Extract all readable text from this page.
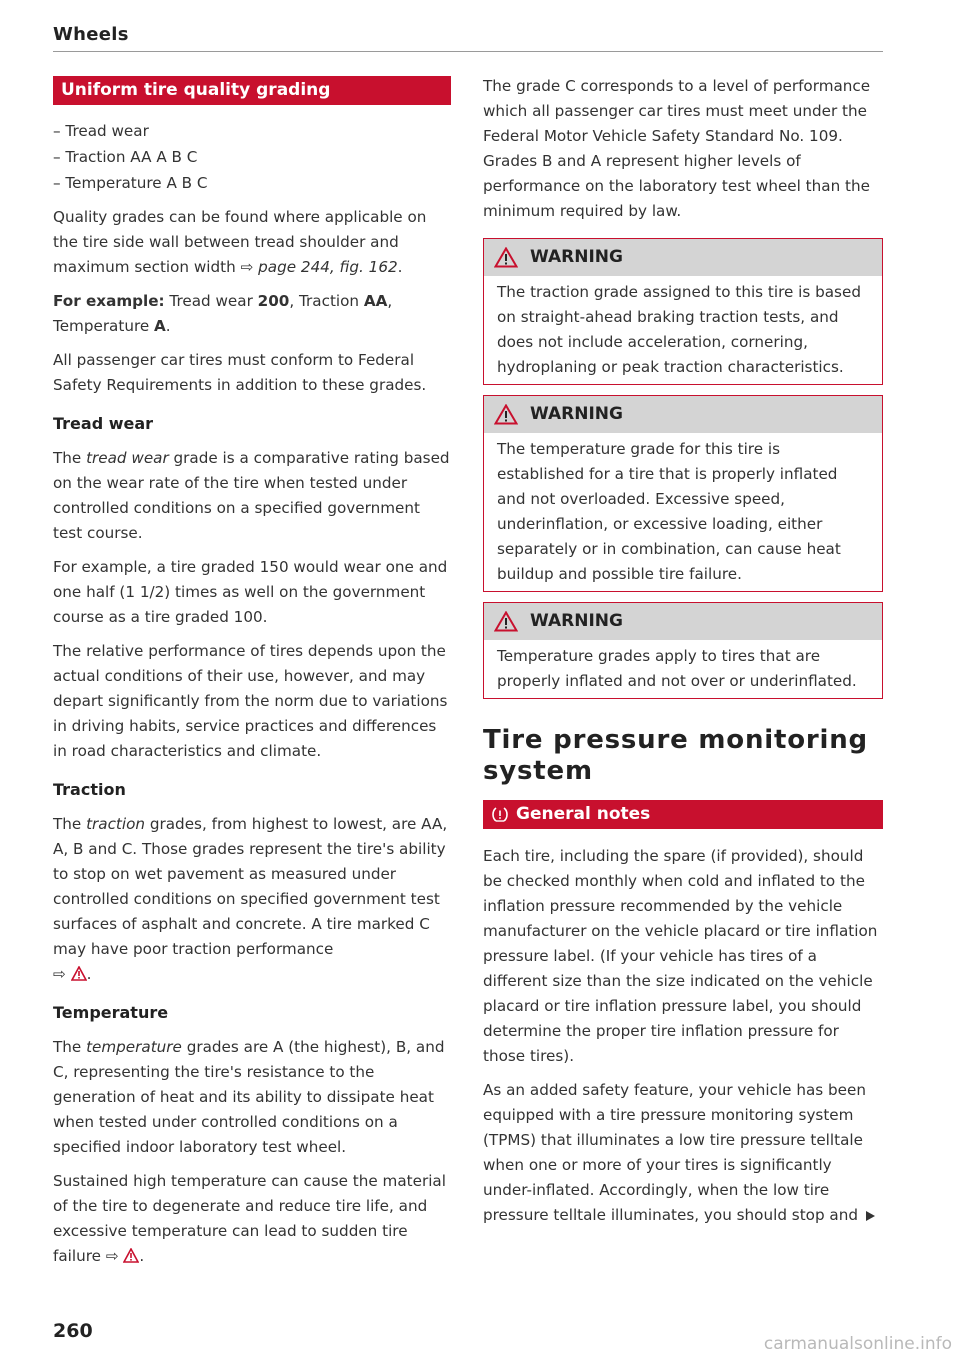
Wheels
Uniform tire quality grading
– Tread wear
– Traction AA A B C
– Temperature A B C

Quality grades can be found where applicable on the tire side wall between tread shoulder and maximum section width ⇨ page 244, fig. 162.

For example: Tread wear 200, Traction AA, Temperature A.

All passenger car tires must conform to Federal Safety Requirements in addition to these grades.

Tread wear

The tread wear grade is a comparative rating based on the wear rate of the tire when tested under controlled conditions on a specified government test course.

For example, a tire graded 150 would wear one and one half (1 1/2) times as well on the government course as a tire graded 100.

The relative performance of tires depends upon the actual conditions of their use, however, and may depart significantly from the norm due to variations in driving habits, service practices and differences in road characteristics and climate.

Traction

The traction grades, from highest to lowest, are AA, A, B and C. Those grades represent the tire's ability to stop on wet pavement as measured under controlled conditions on specified government test surfaces of asphalt and concrete. A tire marked C may have poor traction performance
⇨ .

Temperature

The temperature grades are A (the highest), B, and C, representing the tire's resistance to the generation of heat and its ability to dissipate heat when tested under controlled conditions on a specified indoor laboratory test wheel.

Sustained high temperature can cause the material of the tire to degenerate and reduce tire life, and excessive temperature can lead to sudden tire failure ⇨ .

The grade C corresponds to a level of performance which all passenger car tires must meet under the Federal Motor Vehicle Safety Standard No. 109. Grades B and A represent higher levels of performance on the laboratory test wheel than the minimum required by law.

WARNING
The traction grade assigned to this tire is based on straight-ahead braking traction tests, and does not include acceleration, cornering, hydroplaning or peak traction characteristics.
WARNING
The temperature grade for this tire is established for a tire that is properly inflated and not overloaded. Excessive speed, underinflation, or excessive loading, either separately or in combination, can cause heat buildup and possible tire failure.
WARNING
Temperature grades apply to tires that are properly inflated and not over or underinflated.
Tire pressure monitoring system
General notes

Each tire, including the spare (if provided), should be checked monthly when cold and inflated to the inflation pressure recommended by the vehicle manufacturer on the vehicle placard or tire inflation pressure label. (If your vehicle has tires of a different size than the size indicated on the vehicle placard or tire inflation pressure label, you should determine the proper tire inflation pressure for those tires).

As an added safety feature, your vehicle has been equipped with a tire pressure monitoring system (TPMS) that illuminates a low tire pressure telltale when one or more of your tires is significantly under-inflated. Accordingly, when the low tire pressure telltale illuminates, you should stop and

260
carmanualsonline.info
